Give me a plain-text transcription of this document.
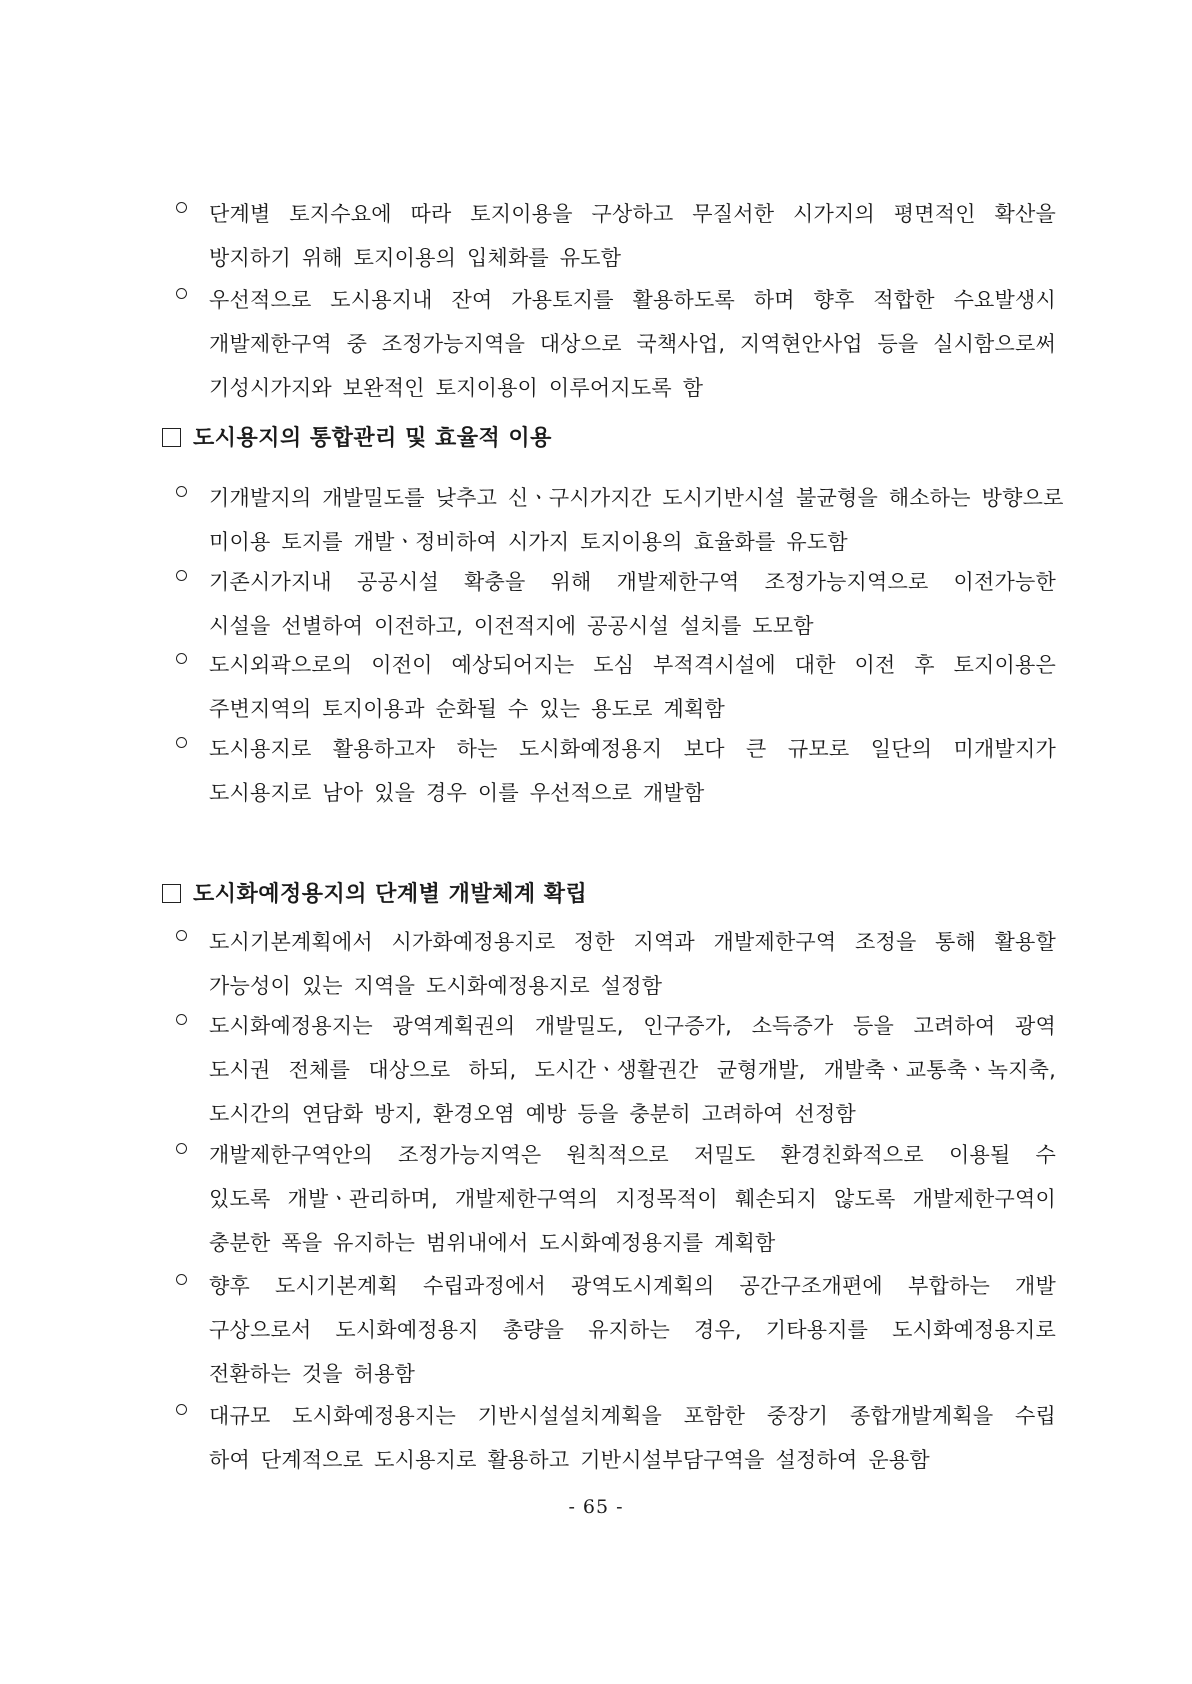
단계별 토지수요에 따라 토지이용을 구상하고 무질서한 시가지의 평면적인 확산을
방지하기 위해 토지이용의 입체화를 유도함
우선적으로 도시용지내 잔여 가용토지를 활용하도록 하며 향후 적합한 수요발생시
개발제한구역 중 조정가능지역을 대상으로 국책사업, 지역현안사업 등을 실시함으로써
기성시가지와 보완적인 토지이용이 이루어지도록 함
도시용지의 통합관리 및 효율적 이용
기개발지의 개발밀도를 낮추고 신ㆍ구시가지간 도시기반시설 불균형을 해소하는 방향으로
미이용 토지를 개발ㆍ정비하여 시가지 토지이용의 효율화를 유도함
기존시가지내 공공시설 확충을 위해 개발제한구역 조정가능지역으로 이전가능한
시설을 선별하여 이전하고, 이전적지에 공공시설 설치를 도모함
도시외곽으로의 이전이 예상되어지는 도심 부적격시설에 대한 이전 후 토지이용은
주변지역의 토지이용과 순화될 수 있는 용도로 계획함
도시용지로 활용하고자 하는 도시화예정용지 보다 큰 규모로 일단의 미개발지가
도시용지로 남아 있을 경우 이를 우선적으로 개발함
도시화예정용지의 단계별 개발체계 확립
도시기본계획에서 시가화예정용지로 정한 지역과 개발제한구역 조정을 통해 활용할
가능성이 있는 지역을 도시화예정용지로 설정함
도시화예정용지는 광역계획권의 개발밀도, 인구증가, 소득증가 등을 고려하여 광역
도시권 전체를 대상으로 하되, 도시간ㆍ생활권간 균형개발, 개발축ㆍ교통축ㆍ녹지축,
도시간의 연담화 방지, 환경오염 예방 등을 충분히 고려하여 선정함
개발제한구역안의 조정가능지역은 원칙적으로 저밀도 환경친화적으로 이용될 수
있도록 개발ㆍ관리하며, 개발제한구역의 지정목적이 훼손되지 않도록 개발제한구역이
충분한 폭을 유지하는 범위내에서 도시화예정용지를 계획함
향후 도시기본계획 수립과정에서 광역도시계획의 공간구조개편에 부합하는 개발
구상으로서 도시화예정용지 총량을 유지하는 경우, 기타용지를 도시화예정용지로
전환하는 것을 허용함
대규모 도시화예정용지는 기반시설설치계획을 포함한 중장기 종합개발계획을 수립
하여 단계적으로 도시용지로 활용하고 기반시설부담구역을 설정하여 운용함
- 65 -
